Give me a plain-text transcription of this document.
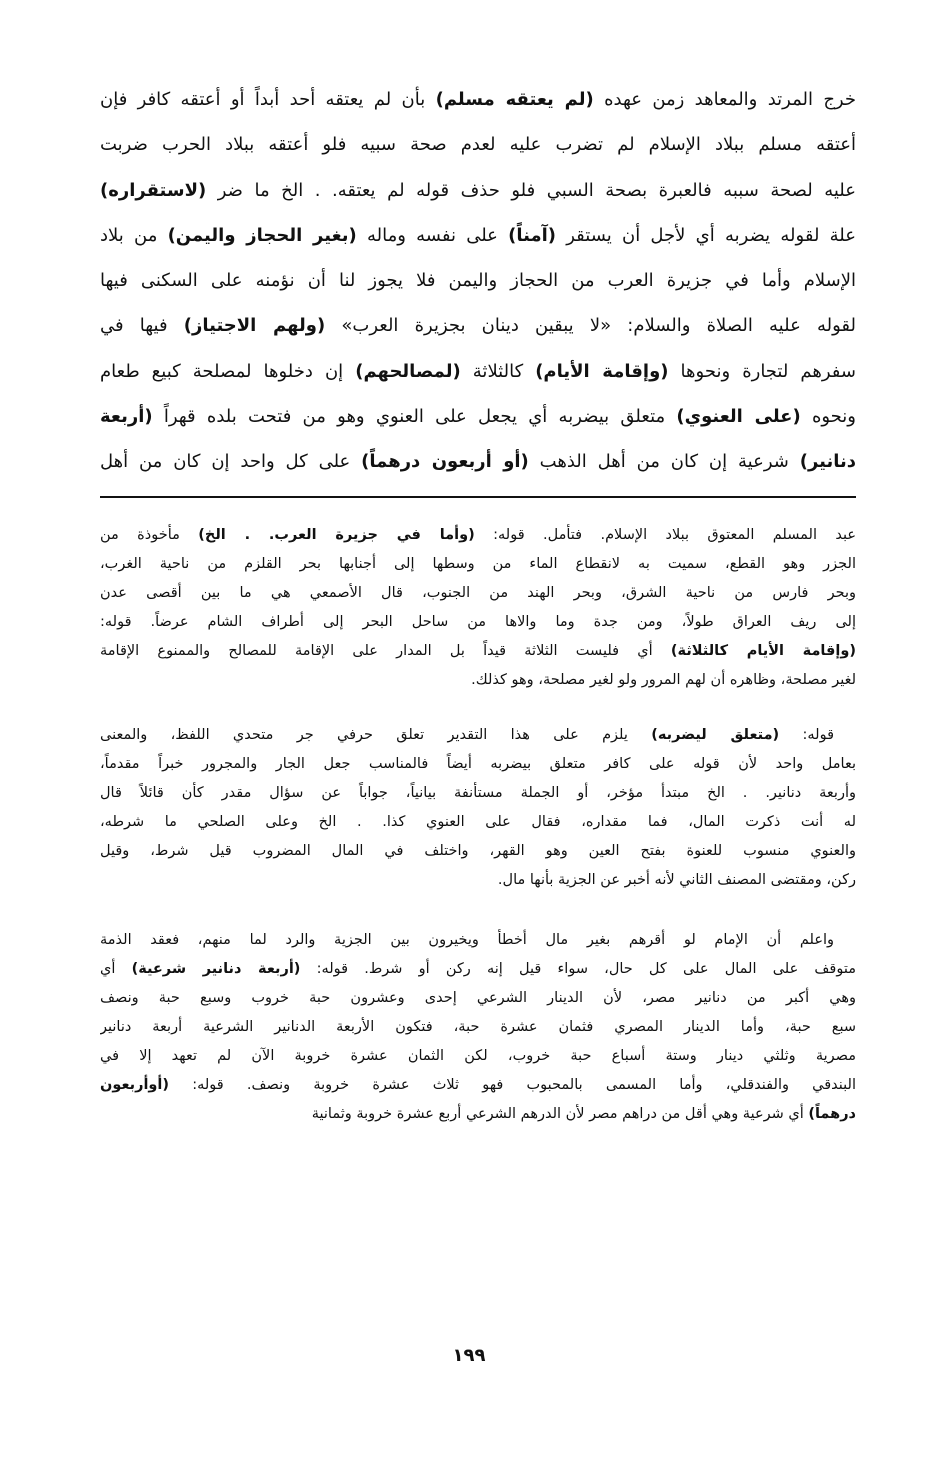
خرج المرتد والمعاهد زمن عهده (لم يعتقه مسلم) بأن لم يعتقه أحد أبداً أو أعتقه كافر فإن
أعتقه مسلم ببلاد الإسلام لم تضرب عليه لعدم صحة سبيه فلو أعتقه ببلاد الحرب ضربت
عليه لصحة سببه فالعبرة بصحة السبي فلو حذف قوله لم يعتقه. . الخ ما ضر (لاستقراره)
علة لقوله يضربه أي لأجل أن يستقر (آمناً) على نفسه وماله (بغير الحجاز واليمن) من بلاد
الإسلام وأما في جزيرة العرب من الحجاز واليمن فلا يجوز لنا أن نؤمنه على السكنى فيها
لقوله عليه الصلاة والسلام: «لا يبقين دينان بجزيرة العرب» (ولهم الاجتياز) فيها في
سفرهم لتجارة ونحوها (وإقامة الأيام) كالثلاثة (لمصالحهم) إن دخلوها لمصلحة كبيع طعام
ونحوه (على العنوي) متعلق بيضربه أي يجعل على العنوي وهو من فتحت بلده قهراً (أربعة
دنانير) شرعية إن كان من أهل الذهب (أو أربعون درهماً) على كل واحد إن كان من أهل
عبد المسلم المعتوق ببلاد الإسلام. فتأمل. قوله: (وأما في جزيرة العرب. . الخ) مأخوذة من
الجزر وهو القطع، سميت به لانقطاع الماء من وسطها إلى أجنابها بحر القلزم من ناحية الغرب،
وبحر فارس من ناحية الشرق، وبحر الهند من الجنوب، قال الأصمعي هي ما بين أقصى عدن
إلى ريف العراق طولاً، ومن جدة وما والاها من ساحل البحر إلى أطراف الشام عرضاً. قوله:
(وإقامة الأيام كالثلاثة) أي فليست الثلاثة قيداً بل المدار على الإقامة للمصالح والممنوع الإقامة
لغير مصلحة، وظاهره أن لهم المرور ولو لغير مصلحة، وهو كذلك.
قوله: (متعلق ليضربه) يلزم على هذا التقدير تعلق حرفي جر متحدي اللفظ، والمعنى
بعامل واحد لأن قوله على كافر متعلق بيضربه أيضاً فالمناسب جعل الجار والمجرور خبراً مقدماً،
وأربعة دنانير. . الخ مبتدأ مؤخر، أو الجملة مستأنفة بيانياً، جواباً عن سؤال مقدر كأن قائلاً قال
له أنت ذكرت المال، فما مقداره، فقال على العنوي كذا. . الخ وعلى الصلحي ما شرطه،
والعنوي منسوب للعنوة بفتح العين وهو القهر، واختلف في المال المضروب قيل شرط، وقيل
ركن، ومقتضى المصنف الثاني لأنه أخبر عن الجزية بأنها مال.
واعلم أن الإمام لو أقرهم بغير مال أخطأ ويخيرون بين الجزية والرد لما منهم، فعقد الذمة
متوقف على المال على كل حال، سواء قيل إنه ركن أو شرط. قوله: (أربعة دنانير شرعية) أي
وهي أكبر من دنانير مصر، لأن الدينار الشرعي إحدى وعشرون حبة خروب وسبع حبة ونصف
سبع حبة، وأما الدينار المصري فثمان عشرة حبة، فتكون الأربعة الدنانير الشرعية أربعة دنانير
مصرية وثلثي دينار وستة أسباع حبة خروب، لكن الثمان عشرة خروبة الآن لم تعهد إلا في
البندقي والفندقلي، وأما المسمى بالمحبوب فهو ثلاث عشرة خروبة ونصف. قوله: (أوأربعون
درهماً) أي شرعية وهي أقل من دراهم مصر لأن الدرهم الشرعي أربع عشرة خروبة وثمانية
١٩٩
